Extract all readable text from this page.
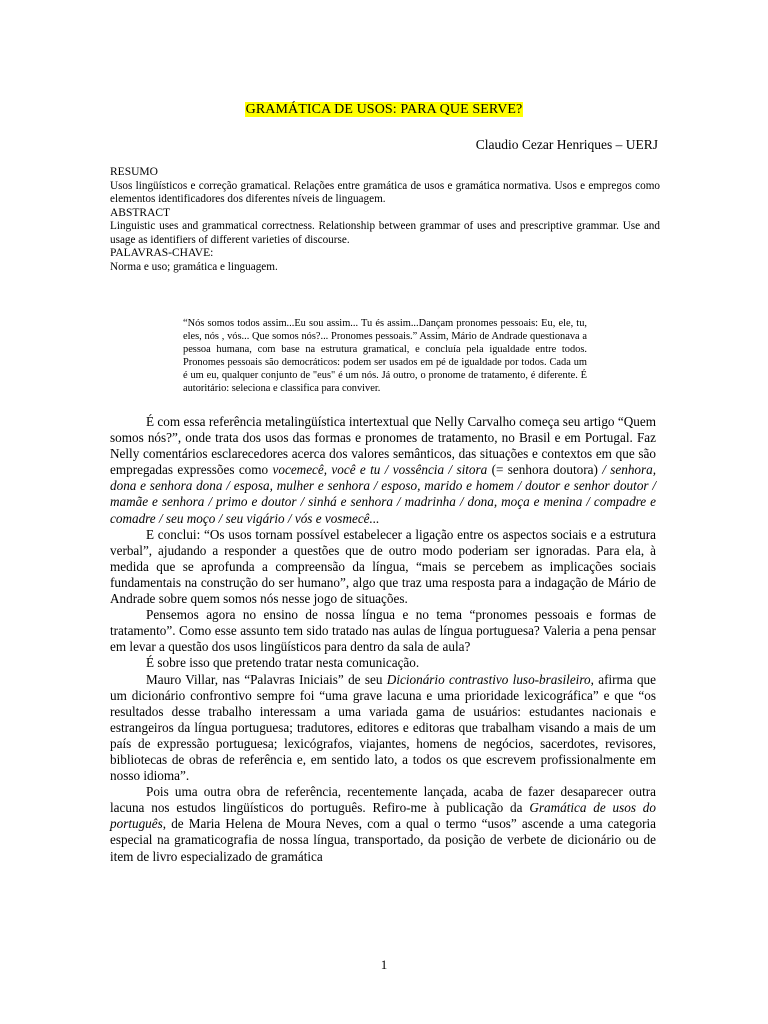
GRAMÁTICA DE USOS: PARA QUE SERVE?
Claudio Cezar Henriques – UERJ
RESUMO

Usos lingüísticos e correção gramatical. Relações entre gramática de usos e gramática normativa. Usos e empregos como elementos identificadores dos diferentes níveis de linguagem.

ABSTRACT

Linguistic uses and grammatical correctness. Relationship between grammar of uses and prescriptive grammar. Use and usage as identifiers of different varieties of discourse.

PALAVRAS-CHAVE:

Norma e uso; gramática e linguagem.

“Nós somos todos assim...Eu sou assim... Tu és assim...Dançam pronomes pessoais: Eu, ele, tu, eles, nós , vós... Que somos nós?... Pronomes pessoais.” Assim, Mário de Andrade questionava a pessoa humana, com base na estrutura gramatical, e concluía pela igualdade entre todos. Pronomes pessoais são democráticos: podem ser usados em pé de igualdade por todos. Cada um é um eu, qualquer conjunto de "eus" é um nós. Já outro, o pronome de tratamento, é diferente. É autoritário: seleciona e classifica para conviver.

É com essa referência metalingüística intertextual que Nelly Carvalho começa seu artigo “Quem somos nós?”, onde trata dos usos das formas e pronomes de tratamento, no Brasil e em Portugal. Faz Nelly comentários esclarecedores acerca dos valores semânticos, das situações e contextos em que são empregadas expressões como vocemecê, você e tu / vossência / sitora (= senhora doutora) / senhora, dona e senhora dona / esposa, mulher e senhora / esposo, marido e homem / doutor e senhor doutor / mamãe e senhora / primo e doutor / sinhá e senhora / madrinha / dona, moça e menina / compadre e comadre / seu moço / seu vigário / vós e vosmecê...

E conclui: “Os usos tornam possível estabelecer a ligação entre os aspectos sociais e a estrutura verbal”, ajudando a responder a questões que de outro modo poderiam ser ignoradas. Para ela, à medida que se aprofunda a compreensão da língua, “mais se percebem as implicações sociais fundamentais na construção do ser humano”, algo que traz uma resposta para a indagação de Mário de Andrade sobre quem somos nós nesse jogo de situações.

Pensemos agora no ensino de nossa língua e no tema “pronomes pessoais e formas de tratamento”. Como esse assunto tem sido tratado nas aulas de língua portuguesa? Valeria a pena pensar em levar a questão dos usos lingüísticos para dentro da sala de aula?

É sobre isso que pretendo tratar nesta comunicação.

Mauro Villar, nas “Palavras Iniciais” de seu Dicionário contrastivo luso-brasileiro, afirma que um dicionário confrontivo sempre foi “uma grave lacuna e uma prioridade lexicográfica” e que “os resultados desse trabalho interessam a uma variada gama de usuários: estudantes nacionais e estrangeiros da língua portuguesa; tradutores, editores e editoras que trabalham visando a mais de um país de expressão portuguesa; lexicógrafos, viajantes, homens de negócios, sacerdotes, revisores, bibliotecas de obras de referência e, em sentido lato, a todos os que escrevem profissionalmente em nosso idioma”.

Pois uma outra obra de referência, recentemente lançada, acaba de fazer desaparecer outra lacuna nos estudos lingüísticos do português. Refiro-me à publicação da Gramática de usos do português, de Maria Helena de Moura Neves, com a qual o termo “usos” ascende a uma categoria especial na gramaticografia de nossa língua, transportado, da posição de verbete de dicionário ou de item de livro especializado de gramática

1
